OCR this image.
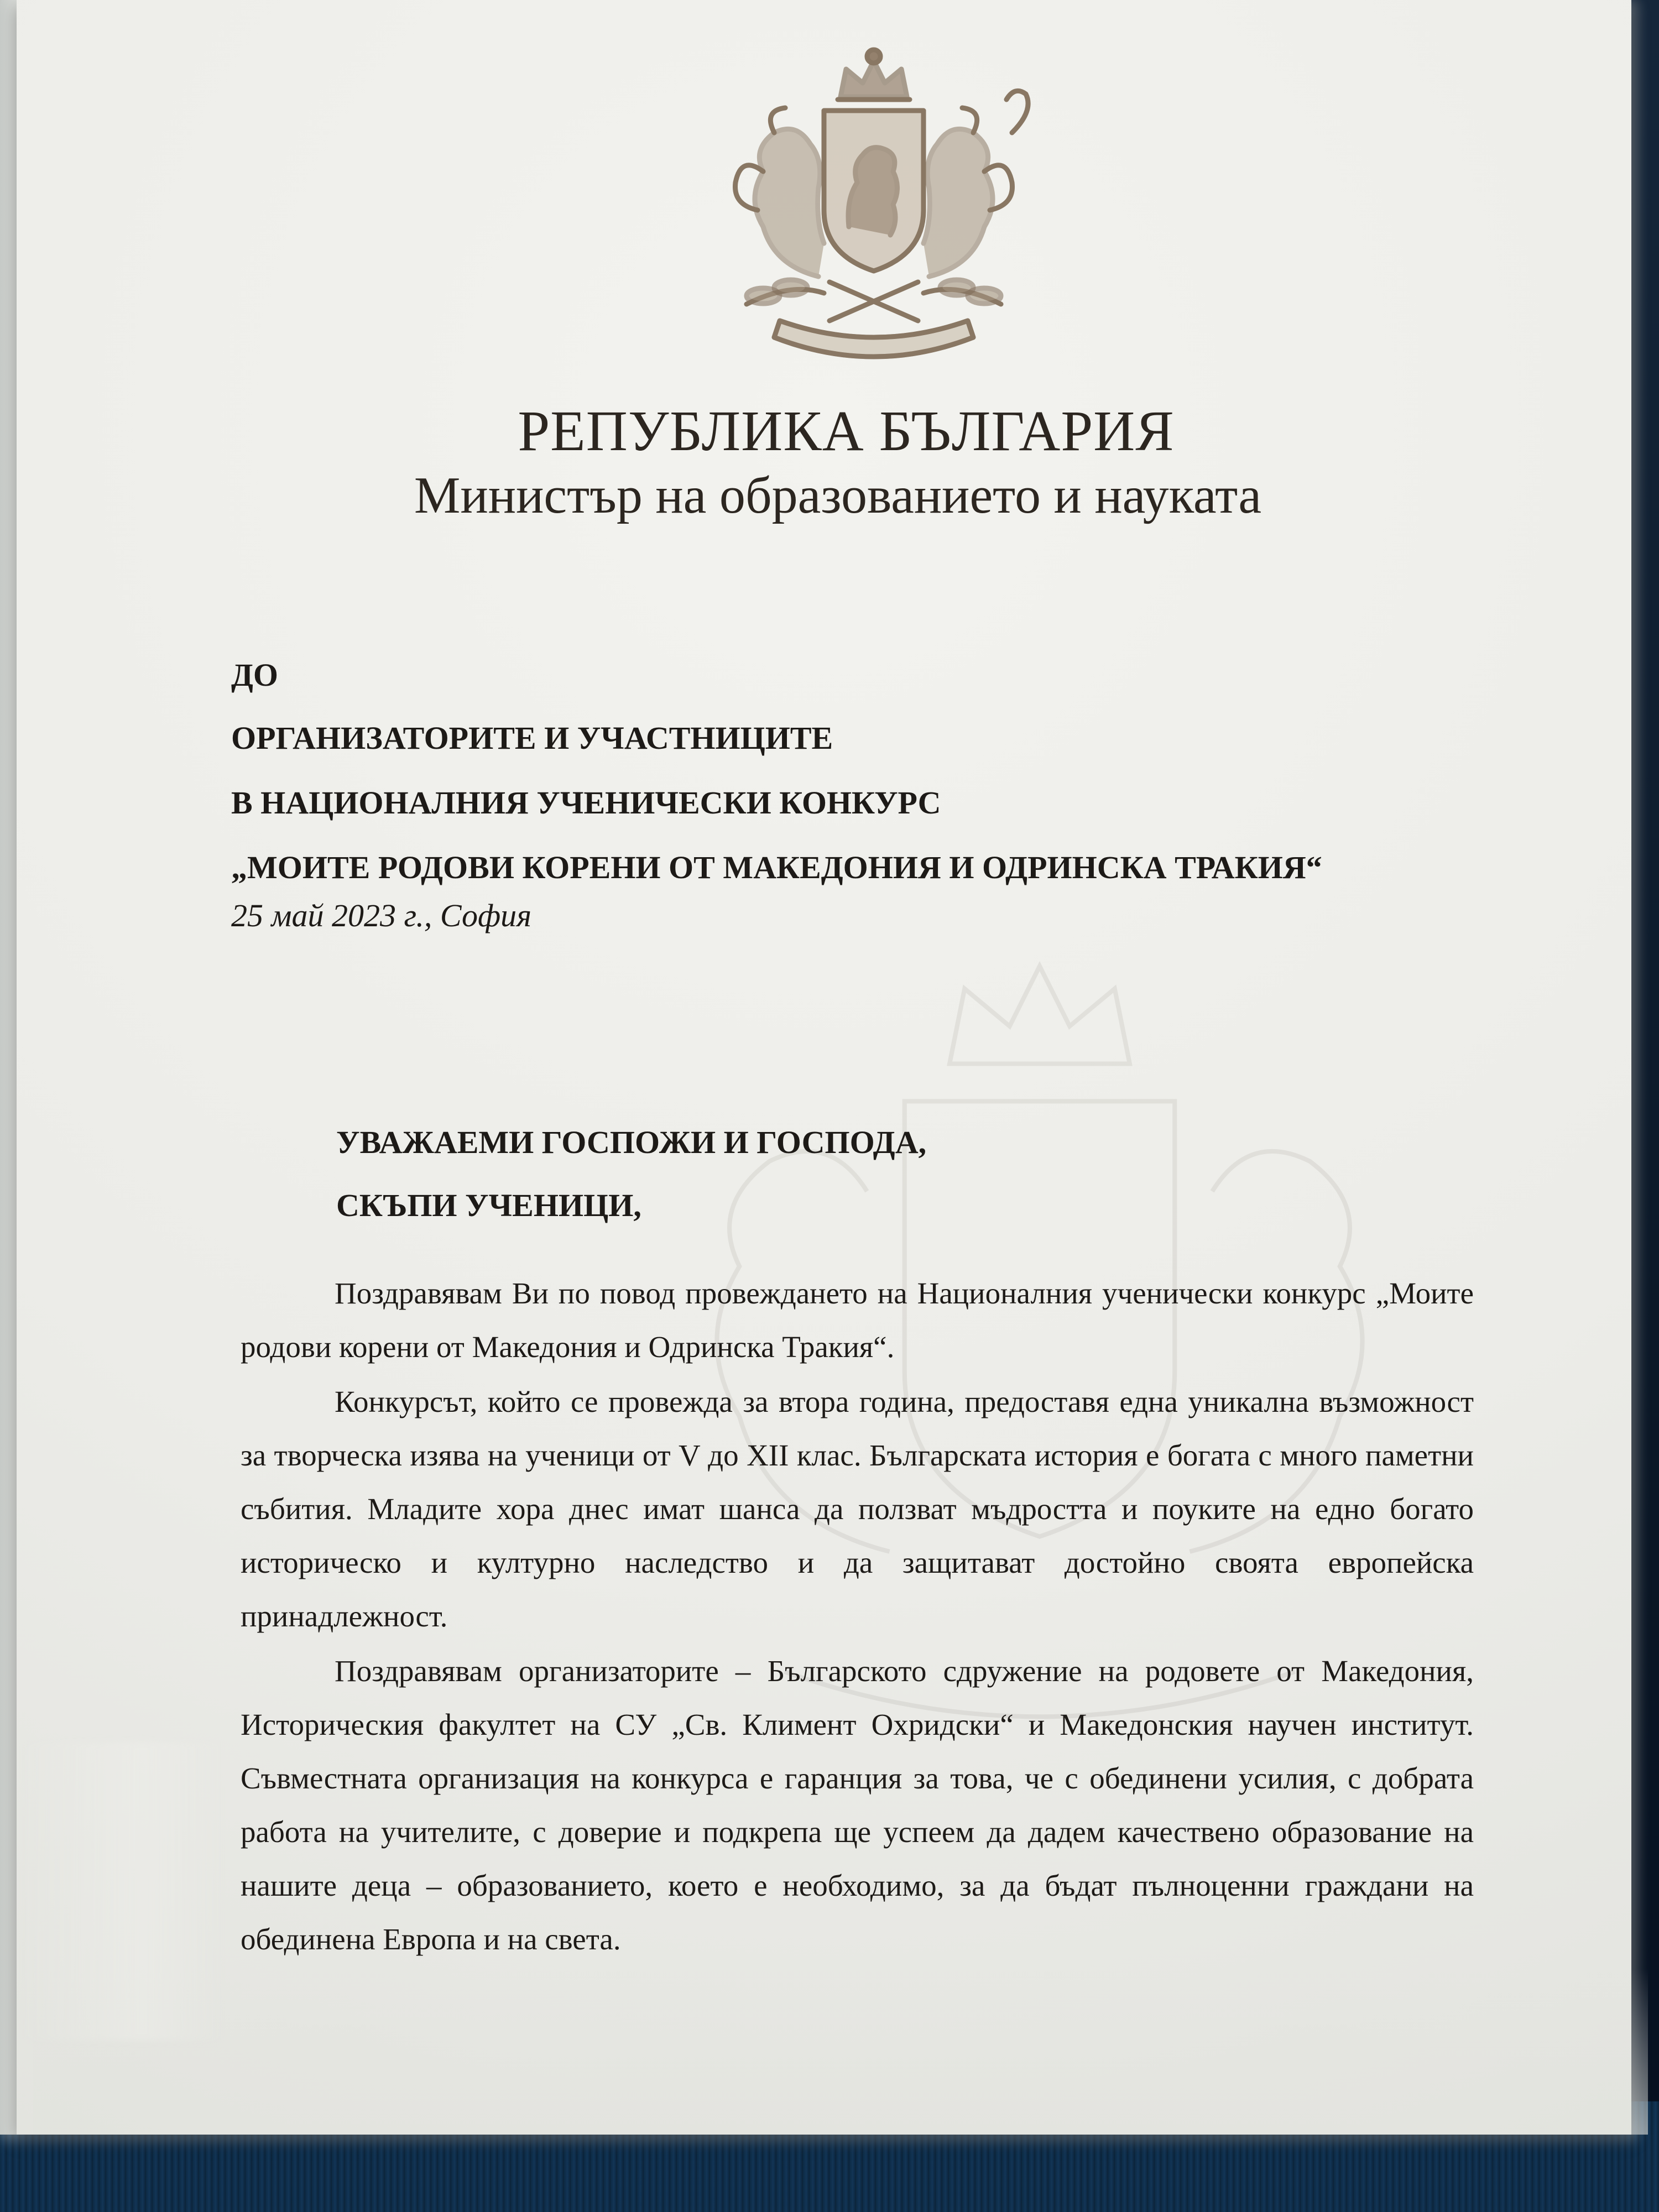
РЕПУБЛИКА БЪЛГАРИЯ
Министър на образованието и науката
ДО
ОРГАНИЗАТОРИТЕ И УЧАСТНИЦИТЕ
В НАЦИОНАЛНИЯ УЧЕНИЧЕСКИ КОНКУРС
„МОИТЕ РОДОВИ КОРЕНИ ОТ МАКЕДОНИЯ И ОДРИНСКА ТРАКИЯ“
25 май 2023 г., София
УВАЖАЕМИ ГОСПОЖИ И ГОСПОДА,
СКЪПИ УЧЕНИЦИ,

Поздравявам Ви по повод провеждането на Националния ученически конкурс „Моите родови корени от Македония и Одринска Тракия“.

Конкурсът, който се провежда за втора година, предоставя една уникална възможност за творческа изява на ученици от V до XII клас. Българската история е богата с много паметни събития. Младите хора днес имат шанса да ползват мъдростта и поуките на едно богато историческо и културно наследство и да защитават достойно своята европейска принадлежност.

Поздравявам организаторите – Българското сдружение на родовете от Македония, Историческия факултет на СУ „Св. Климент Охридски“ и Македонския научен институт. Съвместната организация на конкурса е гаранция за това, че с обединени усилия, с добрата работа на учителите, с доверие и подкрепа ще успеем да дадем качествено образование на нашите деца – образованието, което е необходимо, за да бъдат пълноценни граждани на обединена Европа и на света.
